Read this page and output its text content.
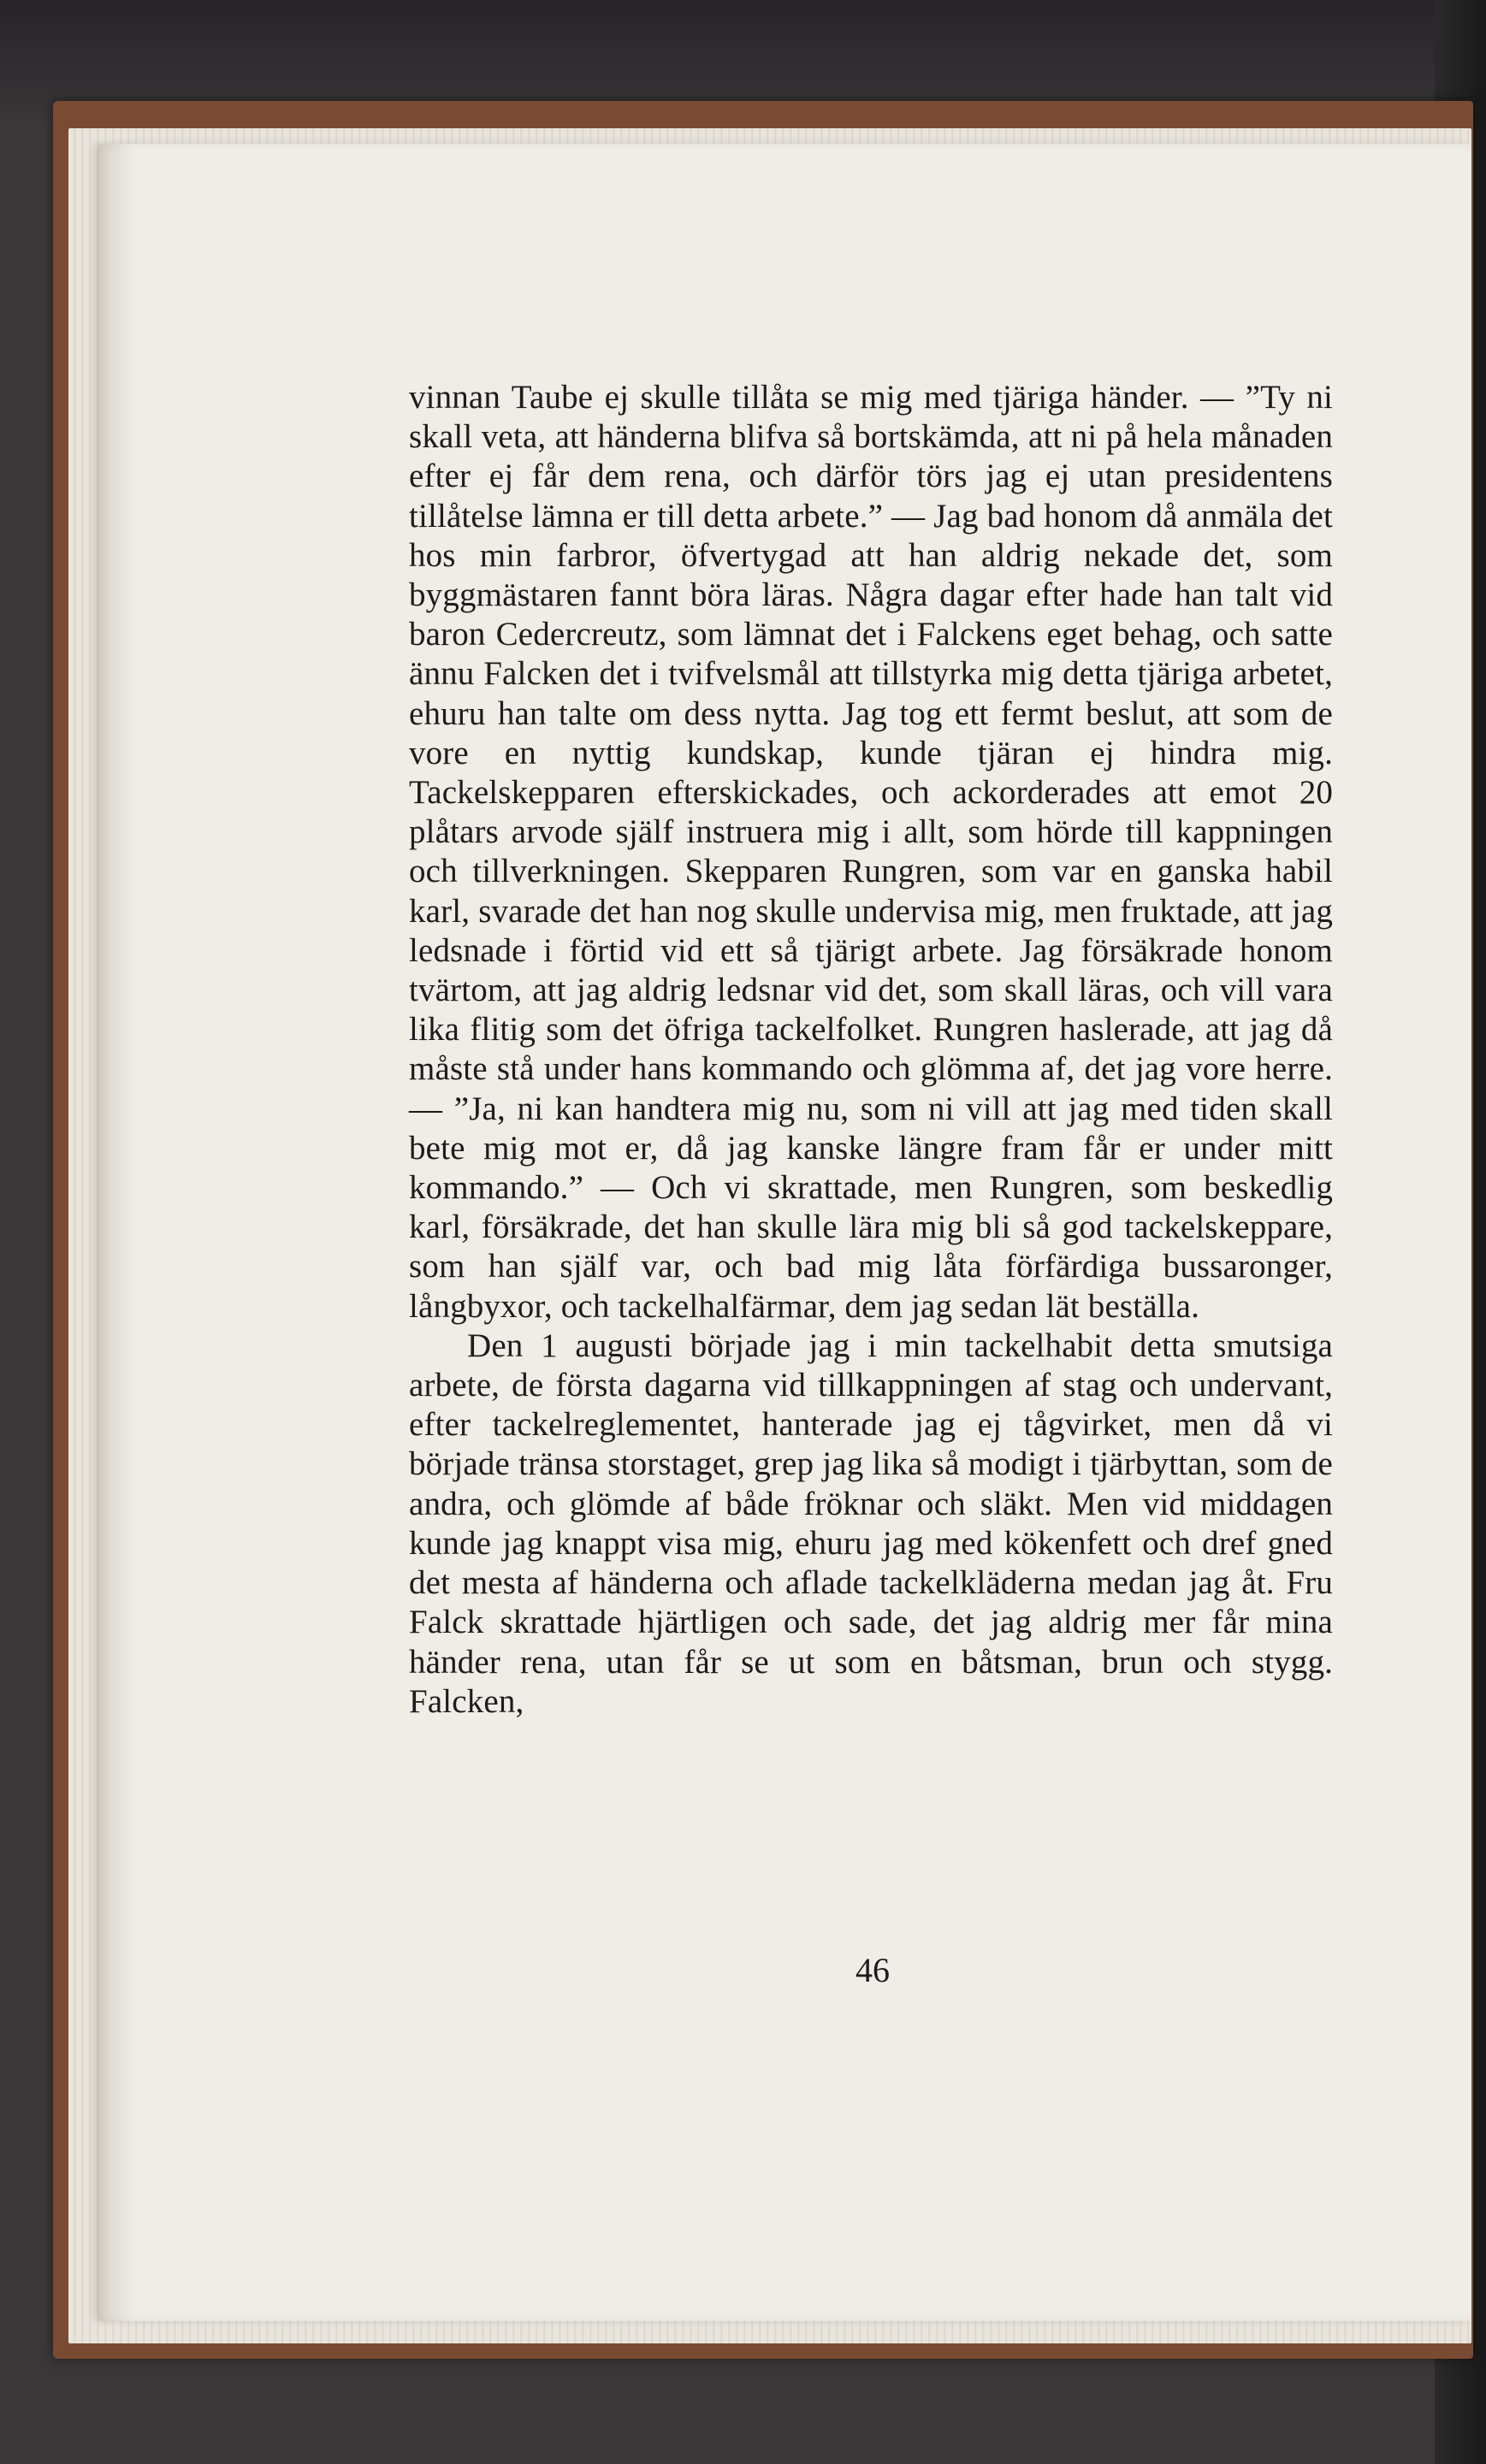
vinnan Taube ej skulle tillåta se mig med tjäriga händer. — ”Ty ni skall veta, att händerna blifva så bortskämda, att ni på hela månaden efter ej får dem rena, och därför törs jag ej utan presidentens tillåtelse lämna er till detta arbete.” — Jag bad honom då anmäla det hos min farbror, öfvertygad att han aldrig nekade det, som byggmästaren fannt böra läras. Några dagar efter hade han talt vid baron Cedercreutz, som lämnat det i Falckens eget behag, och satte ännu Falcken det i tvifvelsmål att tillstyrka mig detta tjäriga arbetet, ehuru han talte om dess nytta. Jag tog ett fermt beslut, att som de vore en nyttig kundskap, kunde tjäran ej hindra mig. Tackelskepparen efterskickades, och ackorderades att emot 20 plåtars arvode själf instruera mig i allt, som hörde till kappningen och tillverkningen. Skepparen Rungren, som var en ganska habil karl, svarade det han nog skulle undervisa mig, men fruktade, att jag ledsnade i förtid vid ett så tjärigt arbete. Jag försäkrade honom tvärtom, att jag aldrig ledsnar vid det, som skall läras, och vill vara lika flitig som det öfriga tackelfolket. Rungren haslerade, att jag då måste stå under hans kommando och glömma af, det jag vore herre. — ”Ja, ni kan handtera mig nu, som ni vill att jag med tiden skall bete mig mot er, då jag kanske längre fram får er under mitt kommando.” — Och vi skrattade, men Rungren, som beskedlig karl, försäkrade, det han skulle lära mig bli så god tackelskeppare, som han själf var, och bad mig låta förfärdiga bussaronger, långbyxor, och tackelhalfärmar, dem jag sedan lät beställa.

Den 1 augusti började jag i min tackelhabit detta smutsiga arbete, de första dagarna vid tillkappningen af stag och undervant, efter tackelreglementet, hanterade jag ej tågvirket, men då vi började tränsa storstaget, grep jag lika så modigt i tjärbyttan, som de andra, och glömde af både fröknar och släkt. Men vid middagen kunde jag knappt visa mig, ehuru jag med kökenfett och dref gned det mesta af händerna och aflade tackelkläderna medan jag åt. Fru Falck skrattade hjärtligen och sade, det jag aldrig mer får mina händer rena, utan får se ut som en båtsman, brun och stygg. Falcken,

46
